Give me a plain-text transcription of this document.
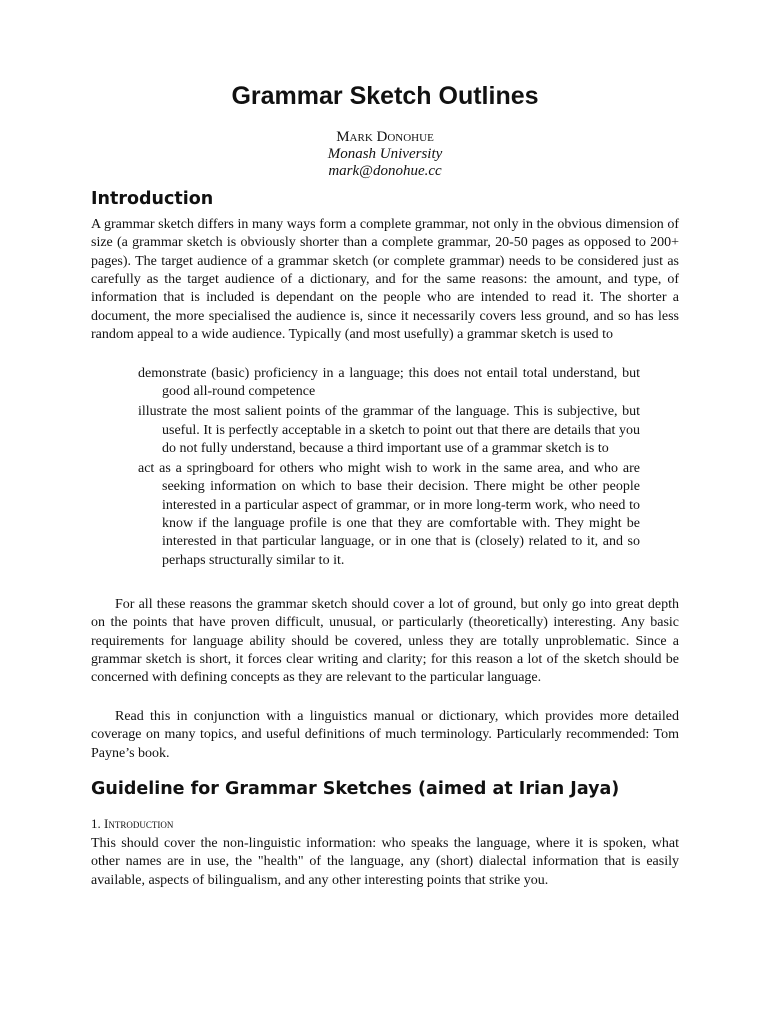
Grammar Sketch Outlines
Mark Donohue
Monash University
mark@donohue.cc
Introduction

A grammar sketch differs in many ways form a complete grammar, not only in the obvious dimension of size (a grammar sketch is obviously shorter than a complete grammar, 20-50 pages as opposed to 200+ pages). The target audience of a grammar sketch (or complete grammar) needs to be considered just as carefully as the target audience of a dictionary, and for the same reasons: the amount, and type, of information that is included is dependant on the people who are intended to read it. The shorter a document, the more specialised the audience is, since it necessarily covers less ground, and so has less random appeal to a wide audience. Typically (and most usefully) a grammar sketch is used to

demonstrate (basic) proficiency in a language; this does not entail total understand, but good all-round competence
illustrate the most salient points of the grammar of the language. This is subjective, but useful. It is perfectly acceptable in a sketch to point out that there are details that you do not fully understand, because a third important use of a grammar sketch is to
act as a springboard for others who might wish to work in the same area, and who are seeking information on which to base their decision. There might be other people interested in a particular aspect of grammar, or in more long-term work, who need to know if the language profile is one that they are comfortable with. They might be interested in that particular language, or in one that is (closely) related to it, and so perhaps structurally similar to it.

For all these reasons the grammar sketch should cover a lot of ground, but only go into great depth on the points that have proven difficult, unusual, or particularly (theoretically) interesting. Any basic requirements for language ability should be covered, unless they are totally unproblematic. Since a grammar sketch is short, it forces clear writing and clarity; for this reason a lot of the sketch should be concerned with defining concepts as they are relevant to the particular language.

Read this in conjunction with a linguistics manual or dictionary, which provides more detailed coverage on many topics, and useful definitions of much terminology. Particularly recommended: Tom Payne’s book.

Guideline for Grammar Sketches (aimed at Irian Jaya)
1. Introduction

This should cover the non-linguistic information: who speaks the language, where it is spoken, what other names are in use, the "health" of the language, any (short) dialectal information that is easily available, aspects of bilingualism, and any other interesting points that strike you.
